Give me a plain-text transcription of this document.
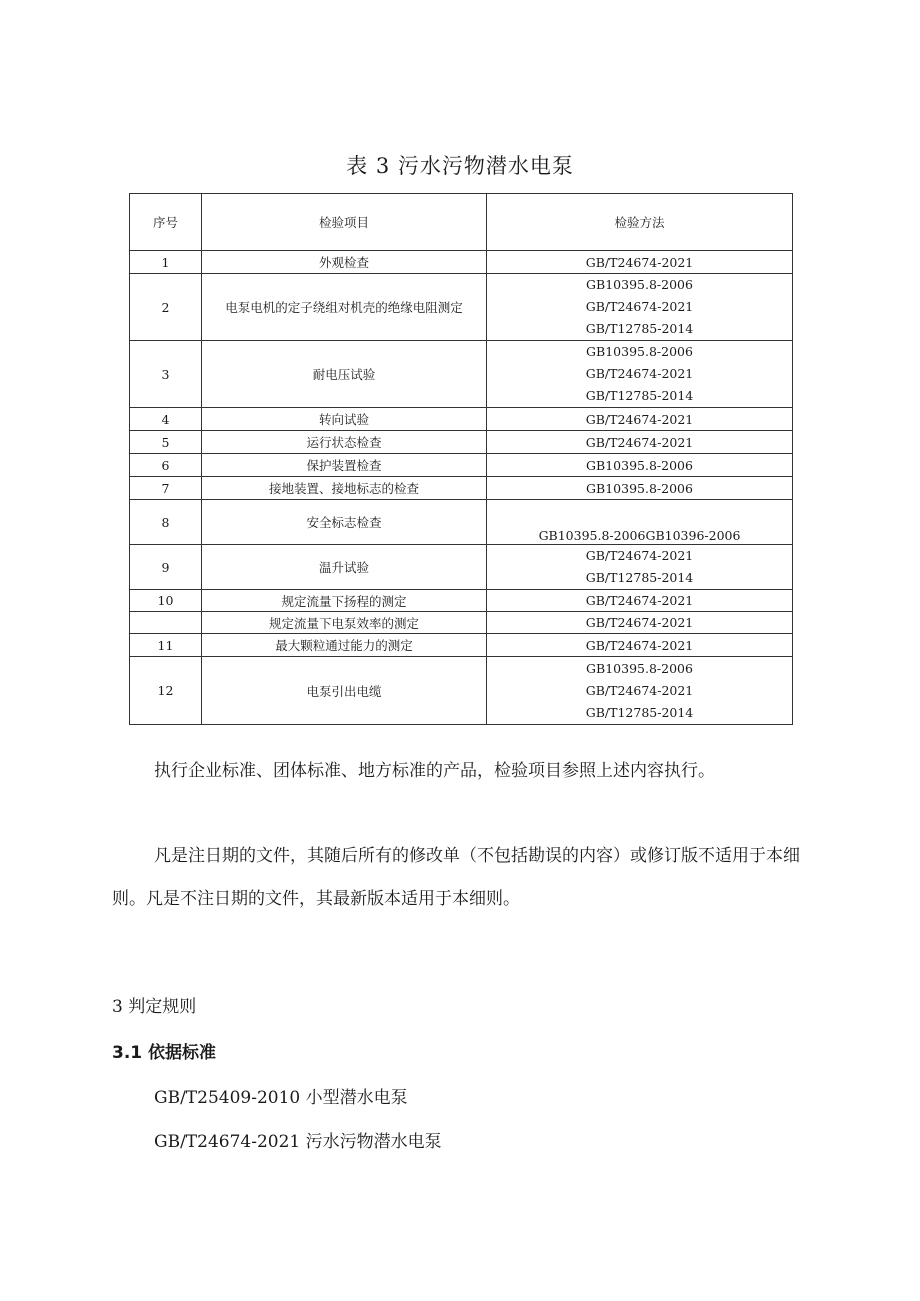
表 3 污水污物潜水电泵
序号	检验项目	检验方法
1	外观检查	GB/T24674-2021
2	电泵电机的定子绕组对机壳的绝缘电阻测定	GB10395.8-2006
GB/T24674-2021
GB/T12785-2014

3	耐电压试验	GB10395.8-2006
GB/T24674-2021
GB/T12785-2014

4	转向试验	GB/T24674-2021
5	运行状态检查	GB/T24674-2021
6	保护装置检查	GB10395.8-2006
7	接地装置、接地标志的检查	GB10395.8-2006
8	安全标志检查	GB10395.8-2006GB10396-2006
9	温升试验	GB/T24674-2021
GB/T12785-2014

10	规定流量下扬程的测定	GB/T24674-2021
	规定流量下电泵效率的测定	GB/T24674-2021
11	最大颗粒通过能力的测定	GB/T24674-2021
12	电泵引出电缆	GB10395.8-2006
GB/T24674-2021
GB/T12785-2014

执行企业标准、团体标准、地方标准的产品，检验项目参照上述内容执行。

凡是注日期的文件，其随后所有的修改单（不包括勘误的内容）或修订版不适用于本细则。凡是不注日期的文件，其最新版本适用于本细则。

3 判定规则

3.1 依据标准

GB/T25409-2010 小型潜水电泵

GB/T24674-2021 污水污物潜水电泵
